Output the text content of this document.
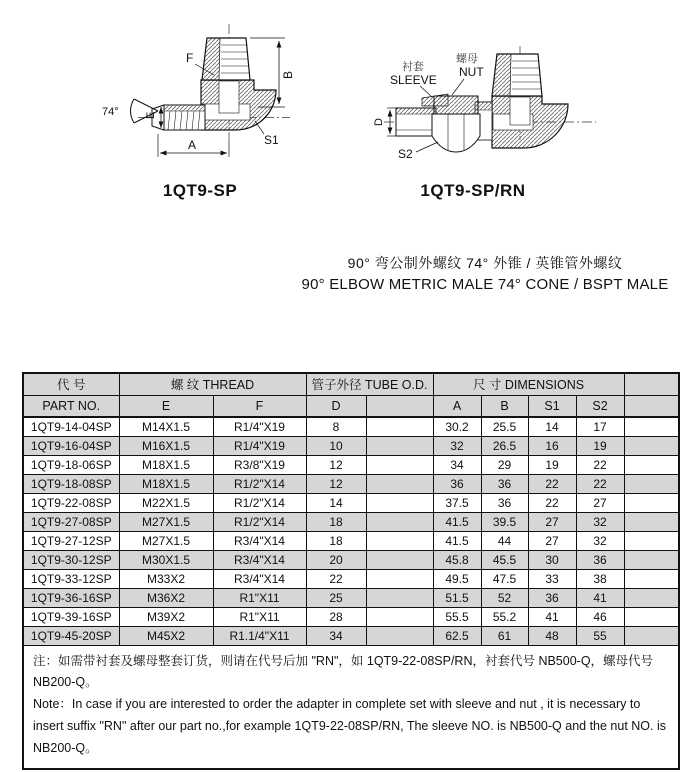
74° E
B
A
F
S1
D
衬套
SLEEVE
螺母
NUT
S2
1QT9-SP	1QT9-SP/RN
90° 弯公制外螺纹 74° 外锥 / 英锥管外螺纹
90° ELBOW METRIC MALE 74° CONE / BSPT MALE
代 号	螺 纹 THREAD		管子外径 TUBE O.D.		尺 寸 DIMENSIONS				
PART NO.	E	F	D		A	B	S1	S2	
1QT9-14-04SP	M14X1.5	R1/4"X19	8		30.2	25.5	14	17	
1QT9-16-04SP	M16X1.5	R1/4"X19	10		32	26.5	16	19	
1QT9-18-06SP	M18X1.5	R3/8"X19	12		34	29	19	22	
1QT9-18-08SP	M18X1.5	R1/2"X14	12		36	36	22	22	
1QT9-22-08SP	M22X1.5	R1/2"X14	14		37.5	36	22	27	
1QT9-27-08SP	M27X1.5	R1/2"X14	18		41.5	39.5	27	32	
1QT9-27-12SP	M27X1.5	R3/4"X14	18		41.5	44	27	32	
1QT9-30-12SP	M30X1.5	R3/4"X14	20		45.8	45.5	30	36	
1QT9-33-12SP	M33X2	R3/4"X14	22		49.5	47.5	33	38	
1QT9-36-16SP	M36X2	R1"X11	25		51.5	52	36	41	
1QT9-39-16SP	M39X2	R1"X11	28		55.5	55.2	41	46	
1QT9-45-20SP	M45X2	R1.1/4"X11	34		62.5	61	48	55	

注：如需带衬套及螺母整套订货，则请在代号后加 "RN"，如 1QT9-22-08SP/RN，衬套代号 NB500-Q，螺母代号 NB200-Q。

Note：In case if you are interested to order the adapter in complete set with sleeve and nut , it is necessary to insert suffix "RN" after our part no.,for example 1QT9-22-08SP/RN, The sleeve NO. is NB500-Q and the nut NO. is NB200-Q。									
